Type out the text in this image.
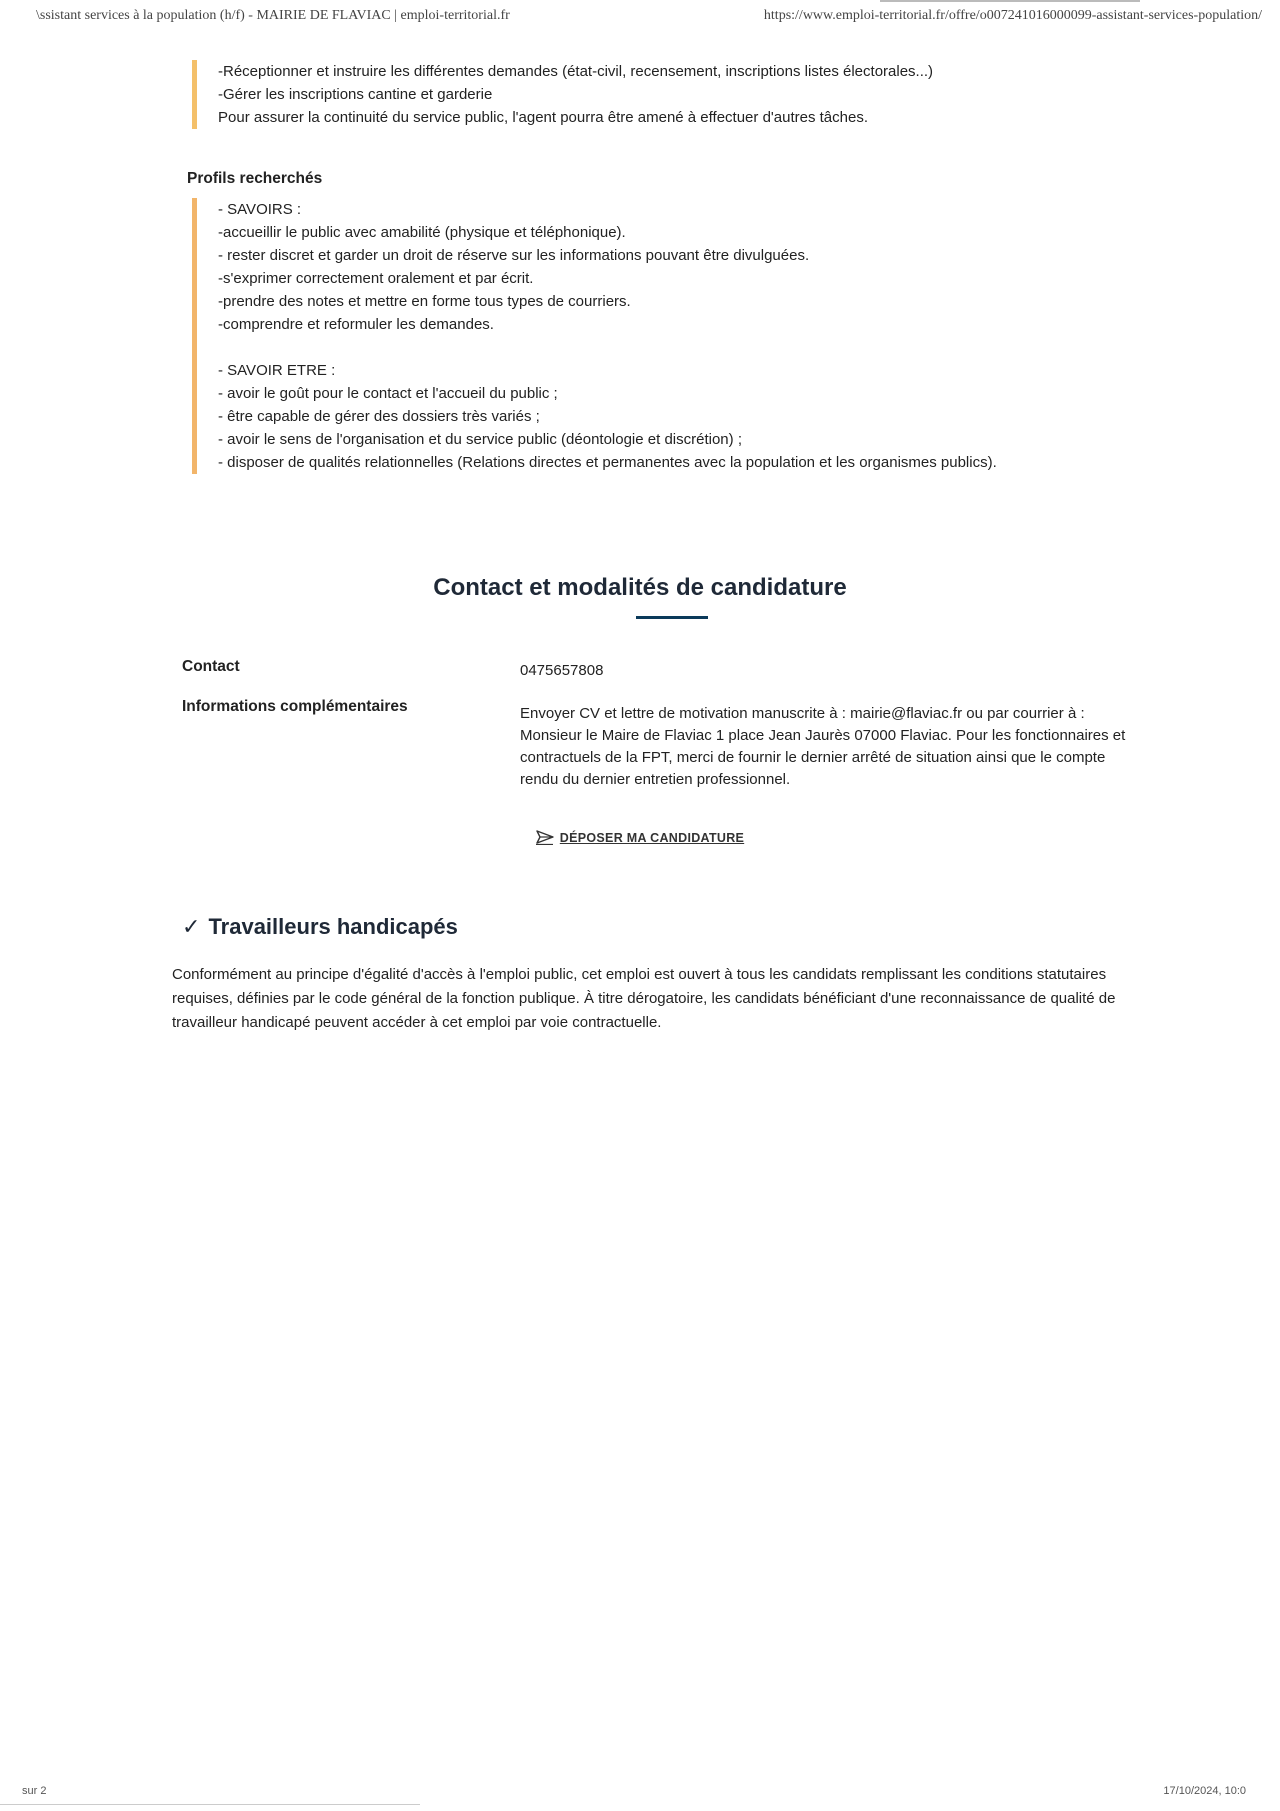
\ssistant services à la population (h/f) - MAIRIE DE FLAVIAC | emploi-territorial.fr	https://www.emploi-territorial.fr/offre/o007241016000099-assistant-services-population/

-Réceptionner et instruire les différentes demandes (état-civil, recensement, inscriptions listes électorales...)

-Gérer les inscriptions cantine et garderie

Pour assurer la continuité du service public, l'agent pourra être amené à effectuer d'autres tâches.

Profils recherchés

- SAVOIRS :

-accueillir le public avec amabilité (physique et téléphonique).

- rester discret et garder un droit de réserve sur les informations pouvant être divulguées.

-s'exprimer correctement oralement et par écrit.

-prendre des notes et mettre en forme tous types de courriers.

-comprendre et reformuler les demandes.

- SAVOIR ETRE :

- avoir le goût pour le contact et l'accueil du public ;

- être capable de gérer des dossiers très variés ;

- avoir le sens de l'organisation et du service public (déontologie et discrétion) ;

- disposer de qualités relationnelles (Relations directes et permanentes avec la population et les organismes publics).

Contact et modalités de candidature
Contact	0475657808
Informations complémentaires	Envoyer CV et lettre de motivation manuscrite à : mairie@flaviac.fr ou par courrier à : Monsieur le Maire de Flaviac 1 place Jean Jaurès 07000 Flaviac. Pour les fonctionnaires et contractuels de la FPT, merci de fournir le dernier arrêté de situation ainsi que le compte rendu du dernier entretien professionnel.
DÉPOSER MA CANDIDATURE
✓ Travailleurs handicapés
Conformément au principe d'égalité d'accès à l'emploi public, cet emploi est ouvert à tous les candidats remplissant les conditions statutaires requises, définies par le code général de la fonction publique. À titre dérogatoire, les candidats bénéficiant d'une reconnaissance de qualité de travailleur handicapé peuvent accéder à cet emploi par voie contractuelle.
sur 2	17/10/2024, 10:0
